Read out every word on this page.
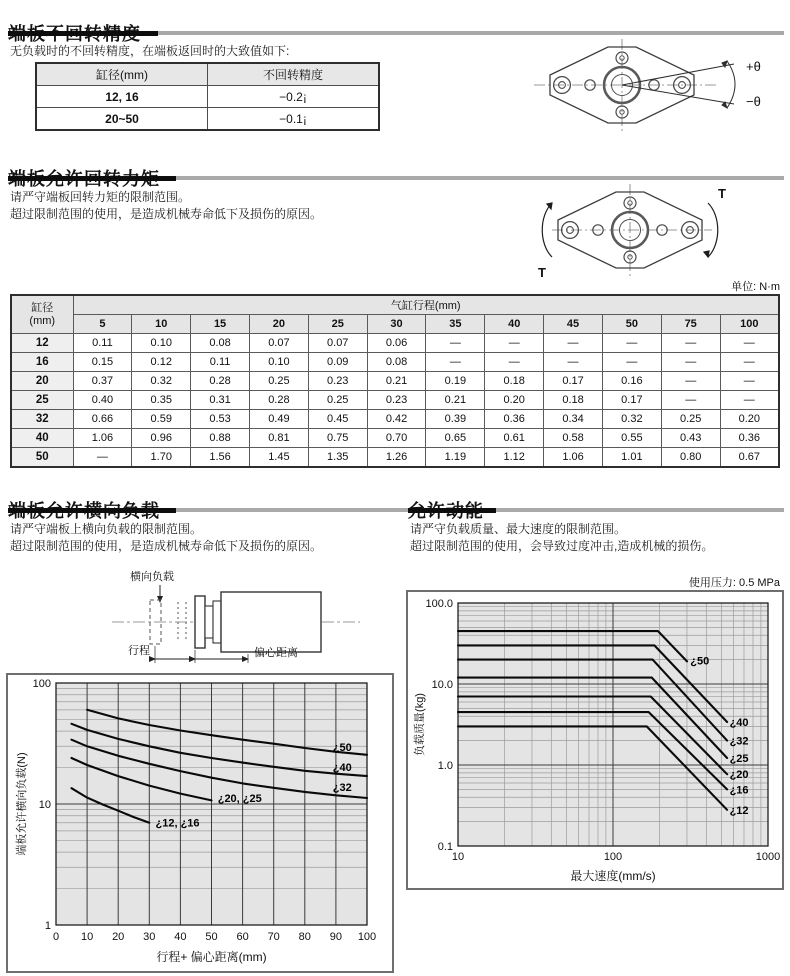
无负载时的不回转精度，在端板返回时的大致值如下:
缸径(mm)	不回转精度
12, 16	−0.2¡
20~50	−0.1¡
+θ
−θ
请严守端板回转力矩的限制范围。
超过限制范围的使用，是造成机械寿命低下及损伤的原因。
T
T
单位: N·m
缸径
(mm)	气缸行程(mm)											
	5	10	15	20	25	30	35	40	45	50	75	100
12	0.11	0.10	0.08	0.07	0.07	0.06	—	—	—	—	—	—
16	0.15	0.12	0.11	0.10	0.09	0.08	—	—	—	—	—	—
20	0.37	0.32	0.28	0.25	0.23	0.21	0.19	0.18	0.17	0.16	—	—
25	0.40	0.35	0.31	0.28	0.25	0.23	0.21	0.20	0.18	0.17	—	—
32	0.66	0.59	0.53	0.49	0.45	0.42	0.39	0.36	0.34	0.32	0.25	0.20
40	1.06	0.96	0.88	0.81	0.75	0.70	0.65	0.61	0.58	0.55	0.43	0.36
50	—	1.70	1.56	1.45	1.35	1.26	1.19	1.12	1.06	1.01	0.80	0.67
请严守端板上横向负载的限制范围。
超过限制范围的使用，是造成机械寿命低下及损伤的原因。
横向负载
行程	偏心距离
0 10 20 30 40 50 60 70 80 90 100
100
10
1
行程+ 偏心距离(mm)
端板允许横向负载(N)
¿50
¿40
¿32
¿20, ¿25
¿12, ¿16
请严守负载质量、最大速度的限制范围。
超过限制范围的使用，会导致过度冲击,造成机械的损伤。
使用压力: 0.5 MPa
10	100	1000
100.0
10.0
1.0
0.1
最大速度(mm/s)
负载质量(kg)
¿50
¿40
¿32
¿25
¿20
¿16
¿12
